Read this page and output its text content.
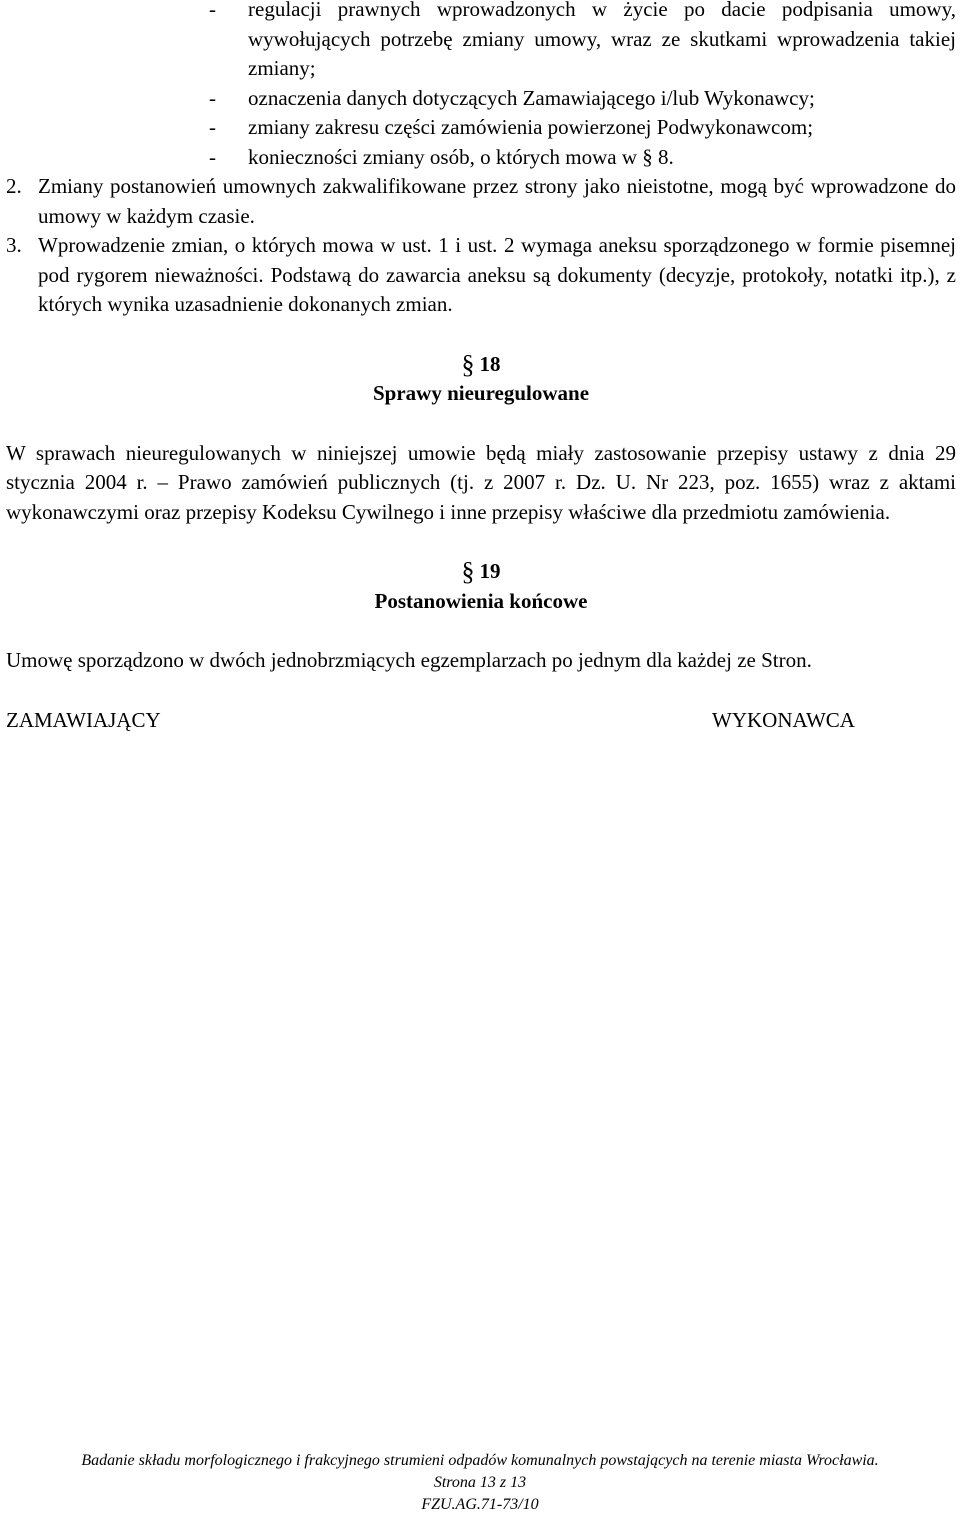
- regulacji prawnych wprowadzonych w życie po dacie podpisania umowy, wywołujących potrzebę zmiany umowy, wraz ze skutkami wprowadzenia takiej zmiany;
- oznaczenia danych dotyczących Zamawiającego i/lub Wykonawcy;
- zmiany zakresu części zamówienia powierzonej Podwykonawcom;
- konieczności zmiany osób, o których mowa w § 8.
2. Zmiany postanowień umownych zakwalifikowane przez strony jako nieistotne, mogą być wprowadzone do umowy w każdym czasie.
3. Wprowadzenie zmian, o których mowa w ust. 1 i ust. 2 wymaga aneksu sporządzonego w formie pisemnej pod rygorem nieważności. Podstawą do zawarcia aneksu są dokumenty (decyzje, protokoły, notatki itp.), z których wynika uzasadnienie dokonanych zmian.

§ 18

Sprawy nieuregulowane

W sprawach nieuregulowanych w niniejszej umowie będą miały zastosowanie przepisy ustawy z dnia 29 stycznia 2004 r. – Prawo zamówień publicznych (tj. z 2007 r. Dz. U. Nr 223, poz. 1655) wraz z aktami wykonawczymi oraz przepisy Kodeksu Cywilnego i inne przepisy właściwe dla przedmiotu zamówienia.

§ 19

Postanowienia końcowe

Umowę sporządzono w dwóch jednobrzmiących egzemplarzach po jednym dla każdej ze Stron.

ZAMAWIAJĄCY	WYKONAWCA
Badanie składu morfologicznego i frakcyjnego strumieni odpadów komunalnych powstających na terenie miasta Wrocławia.
Strona 13 z 13
FZU.AG.71-73/10
